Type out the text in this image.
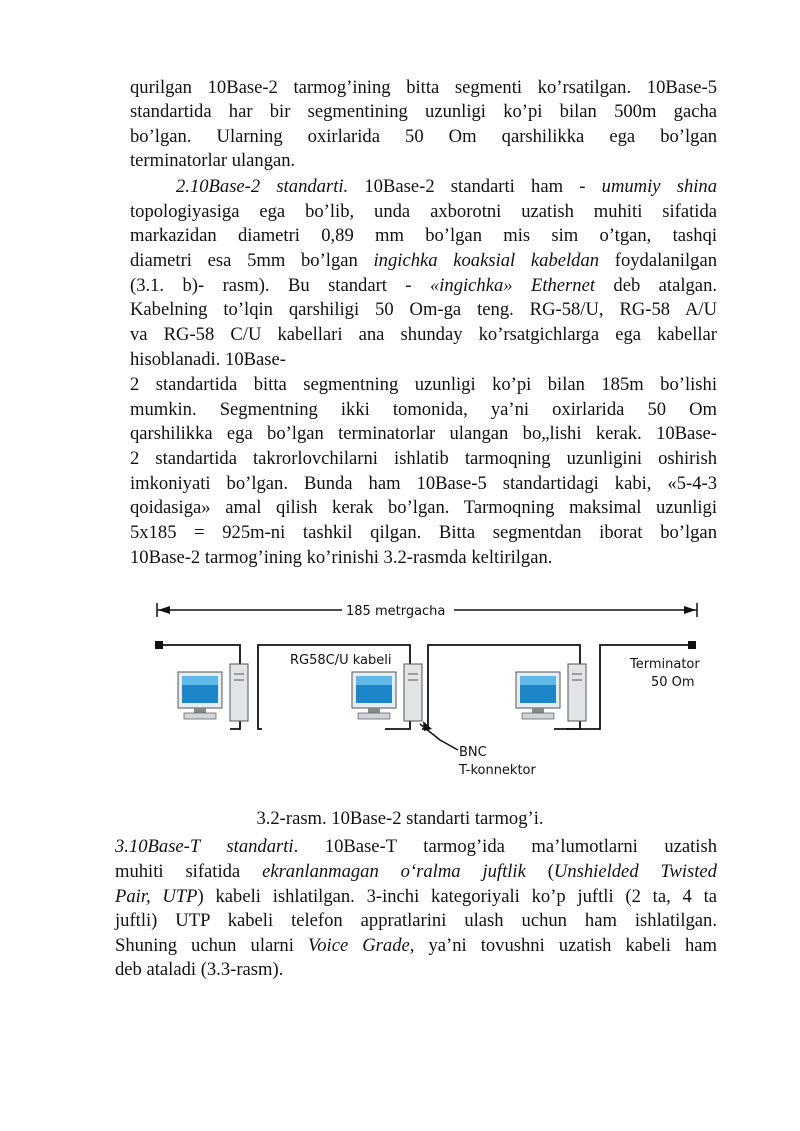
qurilgan 10Base-2 tarmog’ining bitta segmenti ko’rsatilgan. 10Base-5
standartida har bir segmentining uzunligi ko’pi bilan 500m gacha
bo’lgan. Ularning oxirlarida 50 Om qarshilikka ega bo’lgan
terminatorlar ulangan.
2.10Base-2 standarti. 10Base-2 standarti ham - umumiy shina
topologiyasiga ega bo’lib, unda axborotni uzatish muhiti sifatida
markazidan diametri 0,89 mm bo’lgan mis sim o’tgan, tashqi
diametri esa 5mm bo’lgan ingichka koaksial kabeldan foydalanilgan
(3.1. b)- rasm). Bu standart - «ingichka» Ethernet deb atalgan.
Kabelning to’lqin qarshiligi 50 Om-ga teng. RG-58/U, RG-58 A/U
va RG-58 C/U kabellari ana shunday ko’rsatgichlarga ega kabellar
hisoblanadi. 10Base-
2 standartida bitta segmentning uzunligi ko’pi bilan 185m bo’lishi
mumkin. Segmentning ikki tomonida, ya’ni oxirlarida 50 Om
qarshilikka ega bo’lgan terminatorlar ulangan bo„lishi kerak. 10Base-
2 standartida takrorlovchilarni ishlatib tarmoqning uzunligini oshirish
imkoniyati bo’lgan. Bunda ham 10Base-5 standartidagi kabi, «5-4-3
qoidasiga» amal qilish kerak bo’lgan. Tarmoqning maksimal uzunligi
5x185 = 925m-ni tashkil qilgan. Bitta segmentdan iborat bo’lgan
10Base-2 tarmog’ining ko’rinishi 3.2-rasmda keltirilgan.
185 metrgacha
RG58C/U kabeli	Terminator
50 Om
BNC
T-konnektor
3.2-rasm. 10Base-2 standarti tarmog’i.
3.10Base-T standarti. 10Base-T tarmog’ida ma’lumotlarni uzatish
muhiti sifatida ekranlanmagan o‘ralma juftlik (Unshielded Twisted
Pair, UTP) kabeli ishlatilgan. 3-inchi kategoriyali ko’p juftli (2 ta, 4 ta
juftli) UTP kabeli telefon appratlarini ulash uchun ham ishlatilgan.
Shuning uchun ularni Voice Grade, ya’ni tovushni uzatish kabeli ham
deb ataladi (3.3-rasm).
